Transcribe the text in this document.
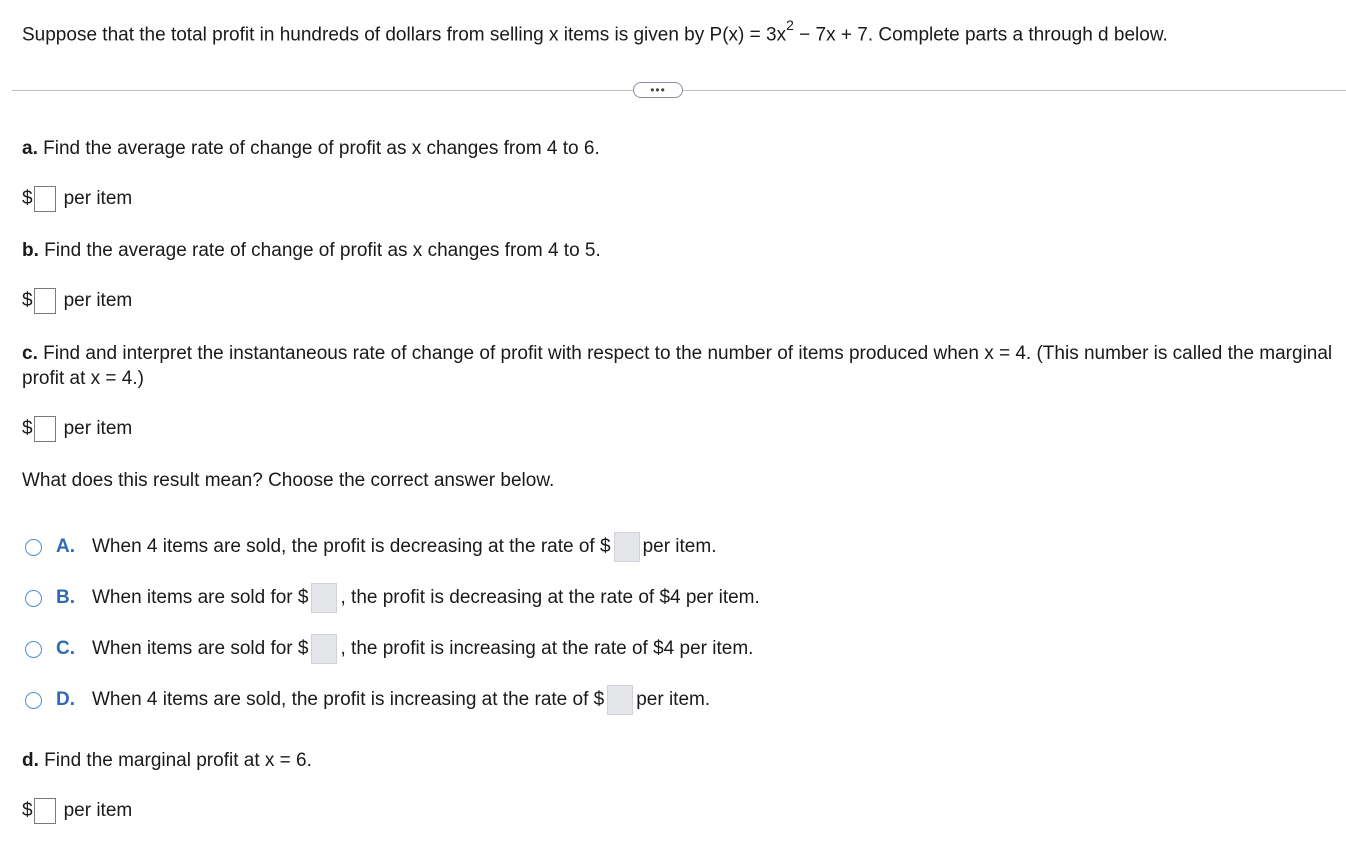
Suppose that the total profit in hundreds of dollars from selling x items is given by $P(x) = 3x^2 - 7x + 7$. Complete parts a through d below.
•••
a. Find the average rate of change of profit as x changes from 4 to 6.
$ per item
b. Find the average rate of change of profit as x changes from 4 to 5.
$ per item
c. Find and interpret the instantaneous rate of change of profit with respect to the number of items produced when x = 4. (This number is called the marginal profit at x = 4.)
$ per item
What does this result mean? Choose the correct answer below.
A. When 4 items are sold, the profit is decreasing at the rate of $ per item.
B. When items are sold for $ , the profit is decreasing at the rate of $4 per item.
C. When items are sold for $ , the profit is increasing at the rate of $4 per item.
D. When 4 items are sold, the profit is increasing at the rate of $ per item.
d. Find the marginal profit at x = 6.
$ per item
